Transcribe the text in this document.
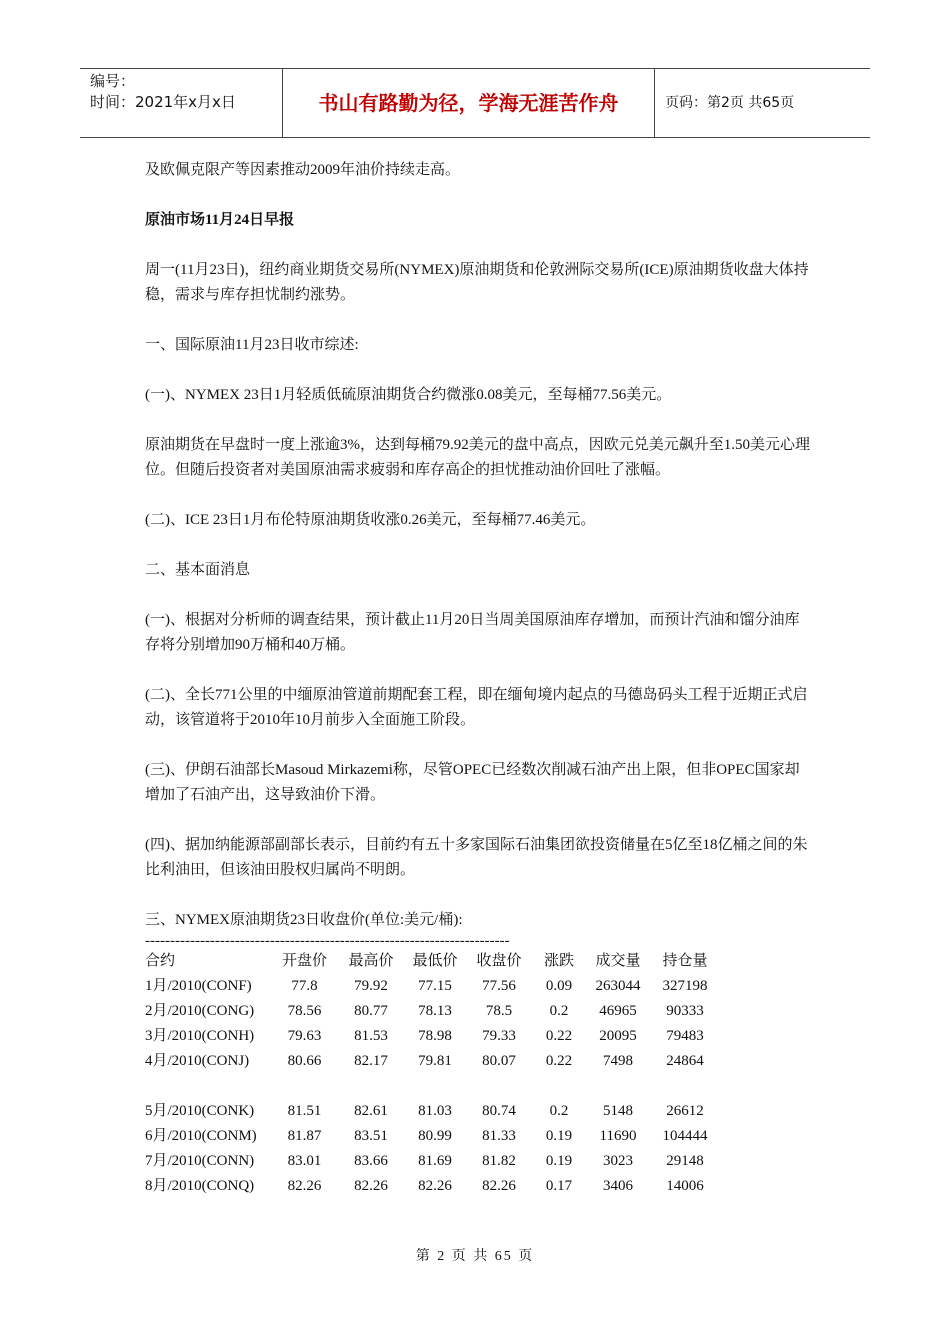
编号：
时间：2021年x月x日	书山有路勤为径，学海无涯苦作舟	页码：第2页 共65页

及欧佩克限产等因素推动2009年油价持续走高。

原油市场11月24日早报

周一(11月23日)，纽约商业期货交易所(NYMEX)原油期货和伦敦洲际交易所(ICE)原油期货收盘大体持稳，需求与库存担忧制约涨势。

一、国际原油11月23日收市综述:

(一)、NYMEX 23日1月轻质低硫原油期货合约微涨0.08美元，至每桶77.56美元。

原油期货在早盘时一度上涨逾3%，达到每桶79.92美元的盘中高点，因欧元兑美元飙升至1.50美元心理位。但随后投资者对美国原油需求疲弱和库存高企的担忧推动油价回吐了涨幅。

(二)、ICE 23日1月布伦特原油期货收涨0.26美元，至每桶77.46美元。

二、基本面消息

(一)、根据对分析师的调查结果，预计截止11月20日当周美国原油库存增加，而预计汽油和馏分油库存将分别增加90万桶和40万桶。

(二)、全长771公里的中缅原油管道前期配套工程，即在缅甸境内起点的马德岛码头工程于近期正式启动，该管道将于2010年10月前步入全面施工阶段。

(三)、伊朗石油部长Masoud Mirkazemi称，尽管OPEC已经数次削减石油产出上限，但非OPEC国家却增加了石油产出，这导致油价下滑。

(四)、据加纳能源部副部长表示，目前约有五十多家国际石油集团欲投资储量在5亿至18亿桶之间的朱比利油田，但该油田股权归属尚不明朗。

三、NYMEX原油期货23日收盘价(单位:美元/桶):
-------------------------------------------------------------------------
合约	开盘价	最高价	最低价	收盘价	涨跌	成交量	持仓量
1月/2010(CONF)	77.8	79.92	77.15	77.56	0.09	263044	327198
2月/2010(CONG)	78.56	80.77	78.13	78.5	0.2	46965	90333
3月/2010(CONH)	79.63	81.53	78.98	79.33	0.22	20095	79483
4月/2010(CONJ)	80.66	82.17	79.81	80.07	0.22	7498	24864

5月/2010(CONK)	81.51	82.61	81.03	80.74	0.2	5148	26612
6月/2010(CONM)	81.87	83.51	80.99	81.33	0.19	11690	104444
7月/2010(CONN)	83.01	83.66	81.69	81.82	0.19	3023	29148
8月/2010(CONQ)	82.26	82.26	82.26	82.26	0.17	3406	14006
第 2 页 共 65 页
